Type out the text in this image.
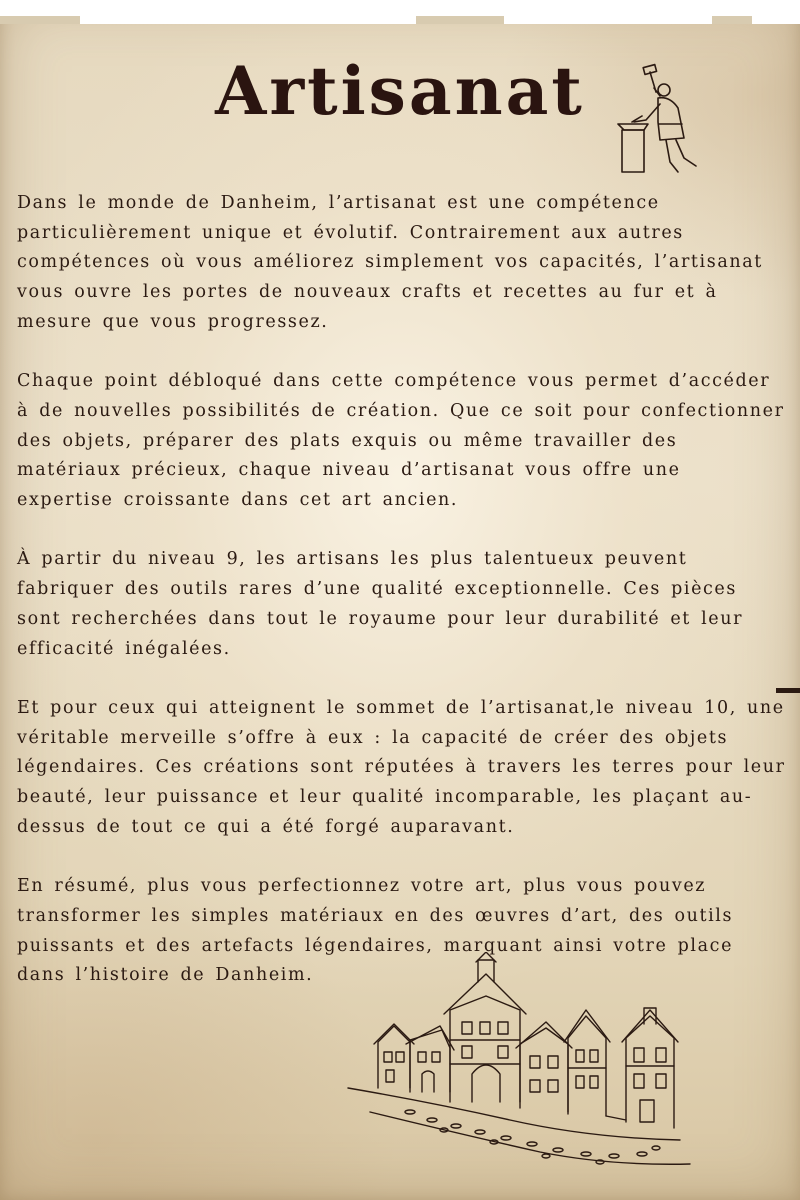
Artisanat

Dans le monde de Danheim, l’artisanat est une compétence particulièrement unique et évolutif. Contrairement aux autres compétences où vous améliorez simplement vos capacités, l’artisanat vous ouvre les portes de nouveaux crafts et recettes au fur et à mesure que vous progressez.

Chaque point débloqué dans cette compétence vous permet d’accéder à de nouvelles possibilités de création. Que ce soit pour confectionner des objets, préparer des plats exquis ou même travailler des matériaux précieux, chaque niveau d’artisanat vous offre une expertise croissante dans cet art ancien.

À partir du niveau 9, les artisans les plus talentueux peuvent fabriquer des outils rares d’une qualité exceptionnelle. Ces pièces sont recherchées dans tout le royaume pour leur durabilité et leur efficacité inégalées.

Et pour ceux qui atteignent le sommet de l’artisanat,le niveau 10, une véritable merveille s’offre à eux : la capacité de créer des objets légendaires. Ces créations sont réputées à travers les terres pour leur beauté, leur puissance et leur qualité incomparable, les plaçant au-dessus de tout ce qui a été forgé auparavant.

En résumé, plus vous perfectionnez votre art, plus vous pouvez transformer les simples matériaux en des œuvres d’art, des outils puissants et des artefacts légendaires, marquant ainsi votre place dans l’histoire de Danheim.
